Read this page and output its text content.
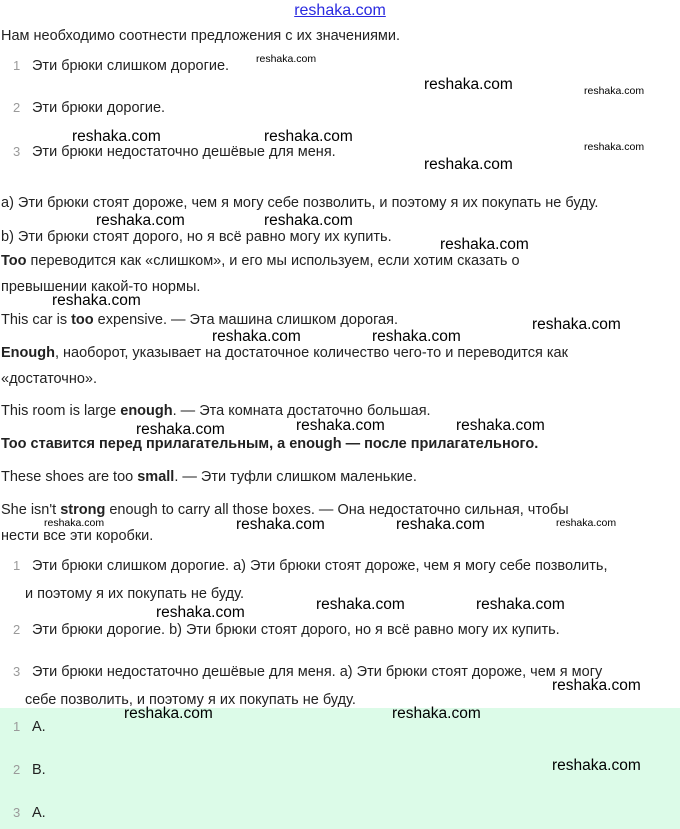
reshaka.com
Нам необходимо соотнести предложения с их значениями.
1 Эти брюки слишком дорогие.
2 Эти брюки дорогие.
3 Эти брюки недостаточно дешёвые для меня.
a) Эти брюки стоят дороже, чем я могу себе позволить, и поэтому я их покупать не буду.
b) Эти брюки стоят дорого, но я всё равно могу их купить.
Too переводится как «слишком», и его мы используем, если хотим сказать о
превышении какой-то нормы.
This car is too expensive. — Эта машина слишком дорогая.
Enough, наоборот, указывает на достаточное количество чего-то и переводится как
«достаточно».
This room is large enough. — Эта комната достаточно большая.
Too ставится перед прилагательным, а enough — после прилагательного.
These shoes are too small. — Эти туфли слишком маленькие.
She isn't strong enough to carry all those boxes. — Она недостаточно сильная, чтобы
нести все эти коробки.
1 Эти брюки слишком дорогие. a) Эти брюки стоят дороже, чем я могу себе позволить,
и поэтому я их покупать не буду.
2 Эти брюки дорогие. b) Эти брюки стоят дорого, но я всё равно могу их купить.
3 Эти брюки недостаточно дешёвые для меня. a) Эти брюки стоят дороже, чем я могу
себе позволить, и поэтому я их покупать не буду.
1 A.
2 B.
3 A.
reshaka.com
reshaka.com	reshaka.com
reshaka.com	reshaka.com
reshaka.com
reshaka.com
reshaka.com	reshaka.com
reshaka.com
reshaka.com
reshaka.com
reshaka.com	reshaka.com
reshaka.com	reshaka.com
reshaka.com
reshaka.com	reshaka.com	reshaka.com	reshaka.com
reshaka.com	reshaka.com
reshaka.com
reshaka.com
reshaka.com	reshaka.com
reshaka.com
